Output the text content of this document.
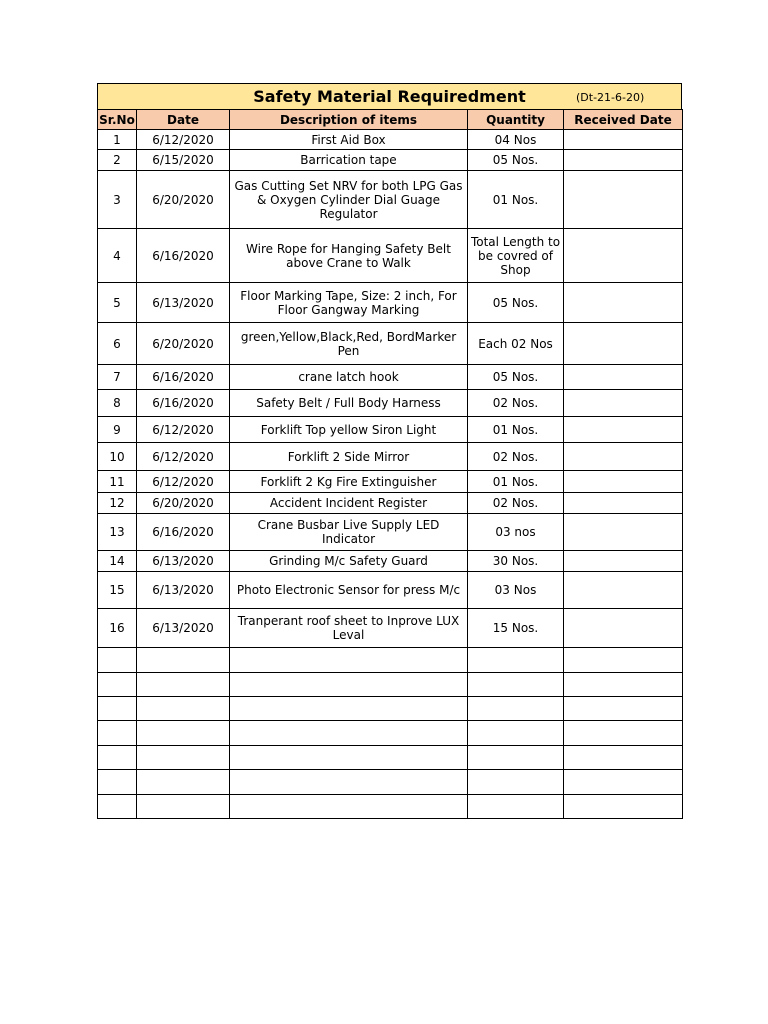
Safety Material Requiredment	(Dt-21-6-20)
Sr.No	Date	Description of items	Quantity	Received Date
1	6/12/2020	First Aid Box	04 Nos	
2	6/15/2020	Barrication tape	05 Nos.	
3	6/20/2020	Gas Cutting Set NRV for both LPG Gas & Oxygen Cylinder Dial Guage Regulator	01 Nos.	
4	6/16/2020	Wire Rope for Hanging Safety Belt above Crane to Walk	Total Length to be covred of Shop	
5	6/13/2020	Floor Marking Tape, Size: 2 inch, For Floor Gangway Marking	05 Nos.	
6	6/20/2020	green,Yellow,Black,Red, BordMarker Pen	Each 02 Nos	
7	6/16/2020	crane latch hook	05 Nos.	
8	6/16/2020	Safety Belt / Full Body Harness	02 Nos.	
9	6/12/2020	Forklift Top yellow Siron Light	01 Nos.	
10	6/12/2020	Forklift 2 Side Mirror	02 Nos.	
11	6/12/2020	Forklift 2 Kg Fire Extinguisher	01 Nos.	
12	6/20/2020	Accident Incident Register	02 Nos.	
13	6/16/2020	Crane Busbar Live Supply LED Indicator	03 nos	
14	6/13/2020	Grinding M/c Safety Guard	30 Nos.	
15	6/13/2020	Photo Electronic Sensor for press M/c	03 Nos	
16	6/13/2020	Tranperant roof sheet to Inprove LUX Leval	15 Nos.	
